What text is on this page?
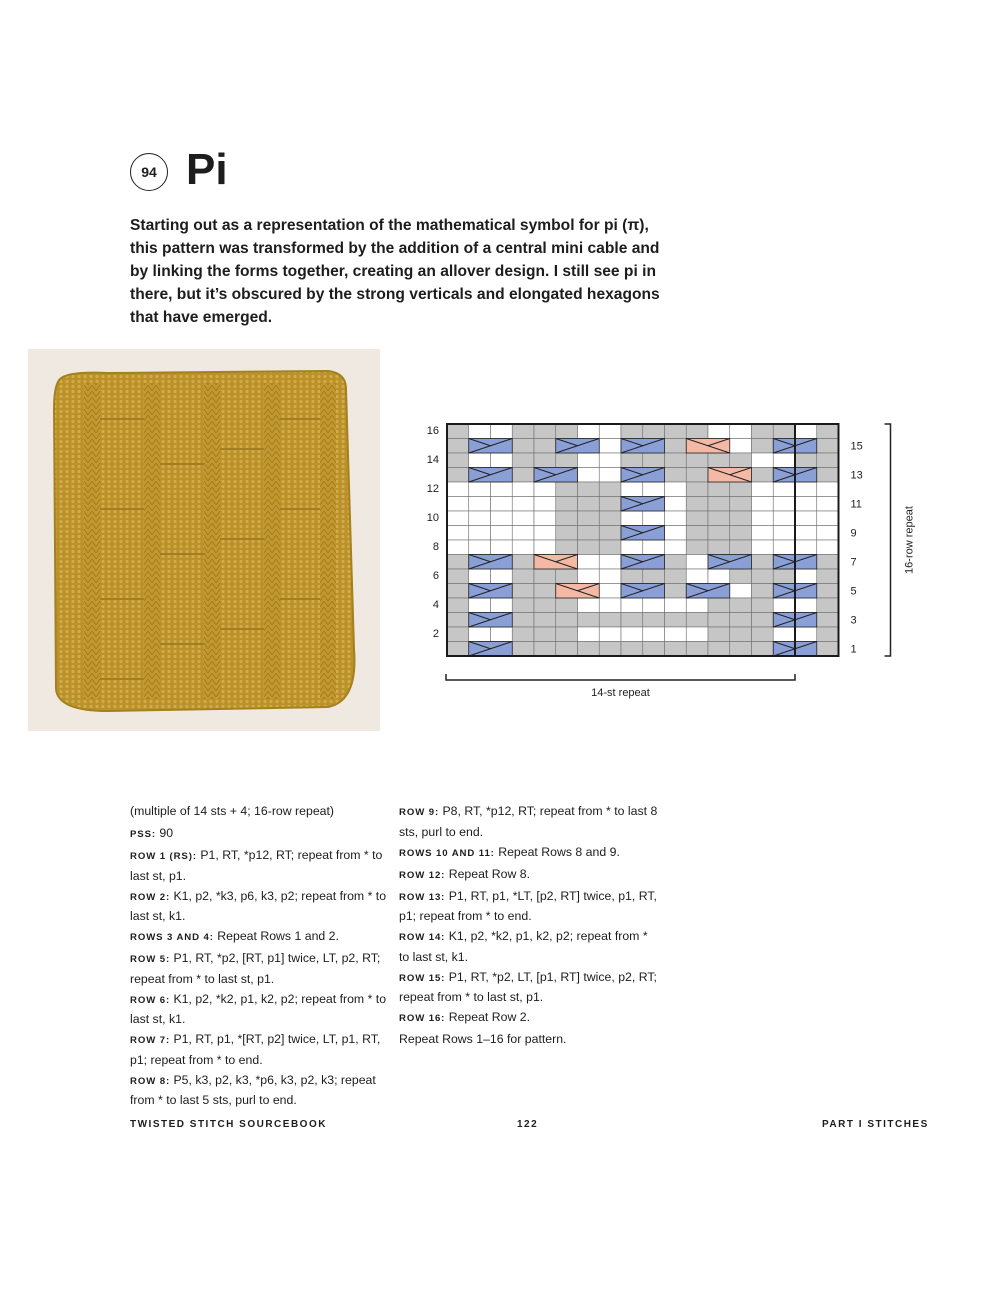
94 Pi

Starting out as a representation of the mathematical symbol for pi (π), this pattern was transformed by the addition of a central mini cable and by linking the forms together, creating an allover design. I still see pi in there, but it’s obscured by the strong verticals and elongated hexagons that have emerged.

16
14
12
10
8
6
4
2
15
13
11
9
7
5
3
1
16-row repeat
14-st repeat

(multiple of 14 sts + 4; 16-row repeat)

PSS: 90

ROW 1 (RS): P1, RT, *p12, RT; repeat from * to last st, p1.

ROW 2: K1, p2, *k3, p6, k3, p2; repeat from * to last st, k1.

ROWS 3 AND 4: Repeat Rows 1 and 2.

ROW 5: P1, RT, *p2, [RT, p1] twice, LT, p2, RT; repeat from * to last st, p1.

ROW 6: K1, p2, *k2, p1, k2, p2; repeat from * to last st, k1.

ROW 7: P1, RT, p1, *[RT, p2] twice, LT, p1, RT, p1; repeat from * to end.

ROW 8: P5, k3, p2, k3, *p6, k3, p2, k3; repeat from * to last 5 sts, purl to end.

ROW 9: P8, RT, *p12, RT; repeat from * to last 8 sts, purl to end.

ROWS 10 AND 11: Repeat Rows 8 and 9.

ROW 12: Repeat Row 8.

ROW 13: P1, RT, p1, *LT, [p2, RT] twice, p1, RT, p1; repeat from * to end.

ROW 14: K1, p2, *k2, p1, k2, p2; repeat from * to last st, k1.

ROW 15: P1, RT, *p2, LT, [p1, RT] twice, p2, RT; repeat from * to last st, p1.

ROW 16: Repeat Row 2.

Repeat Rows 1–16 for pattern.

TWISTED STITCH SOURCEBOOK	122	PART I STITCHES
